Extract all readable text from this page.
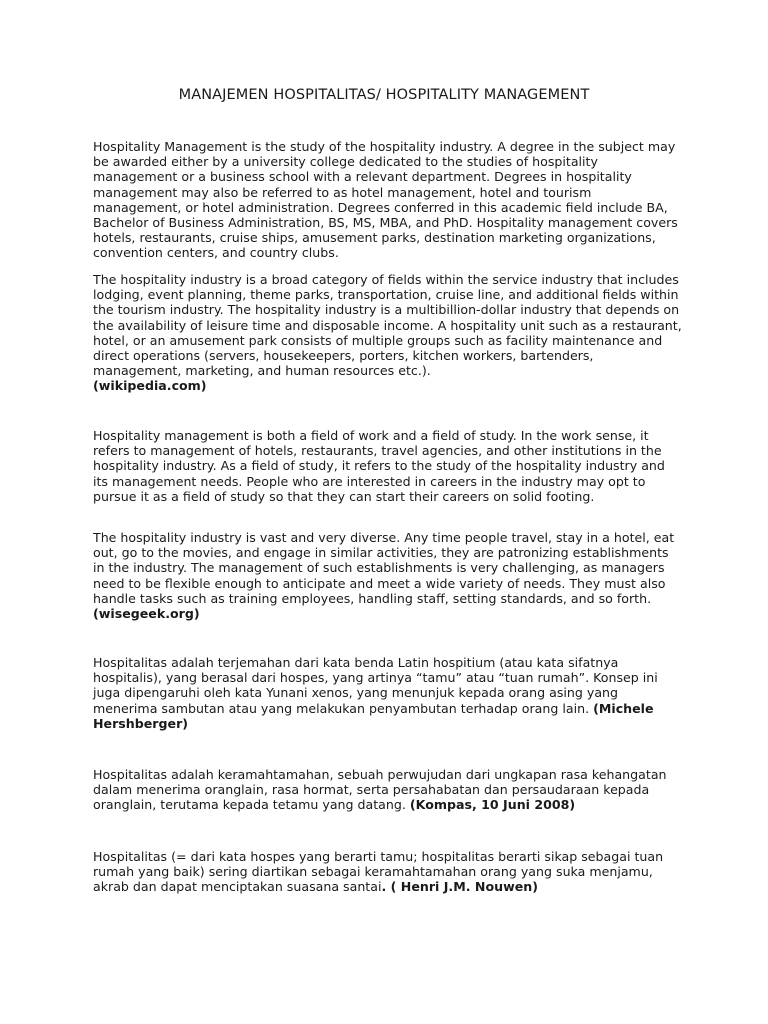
MANAJEMEN HOSPITALITAS/ HOSPITALITY MANAGEMENT

Hospitality Management is the study of the hospitality industry. A degree in the subject may be awarded either by a university college dedicated to the studies of hospitality management or a business school with a relevant department. Degrees in hospitality management may also be referred to as hotel management, hotel and tourism management, or hotel administration. Degrees conferred in this academic field include BA, Bachelor of Business Administration, BS, MS, MBA, and PhD. Hospitality management covers hotels, restaurants, cruise ships, amusement parks, destination marketing organizations, convention centers, and country clubs.

The hospitality industry is a broad category of fields within the service industry that includes lodging, event planning, theme parks, transportation, cruise line, and additional fields within the tourism industry. The hospitality industry is a multibillion-dollar industry that depends on the availability of leisure time and disposable income. A hospitality unit such as a restaurant, hotel, or an amusement park consists of multiple groups such as facility maintenance and direct operations (servers, housekeepers, porters, kitchen workers, bartenders, management, marketing, and human resources etc.).
(wikipedia.com)

Hospitality management is both a field of work and a field of study. In the work sense, it refers to management of hotels, restaurants, travel agencies, and other institutions in the hospitality industry. As a field of study, it refers to the study of the hospitality industry and its management needs. People who are interested in careers in the industry may opt to pursue it as a field of study so that they can start their careers on solid footing.

The hospitality industry is vast and very diverse. Any time people travel, stay in a hotel, eat out, go to the movies, and engage in similar activities, they are patronizing establishments in the industry. The management of such establishments is very challenging, as managers need to be flexible enough to anticipate and meet a wide variety of needs. They must also handle tasks such as training employees, handling staff, setting standards, and so forth. (wisegeek.org)

Hospitalitas adalah terjemahan dari kata benda Latin hospitium (atau kata sifatnya hospitalis), yang berasal dari hospes, yang artinya “tamu” atau “tuan rumah”. Konsep ini juga dipengaruhi oleh kata Yunani xenos, yang menunjuk kepada orang asing yang menerima sambutan atau yang melakukan penyambutan terhadap orang lain. (Michele Hershberger)

Hospitalitas adalah keramahtamahan, sebuah perwujudan dari ungkapan rasa kehangatan dalam menerima oranglain, rasa hormat, serta persahabatan dan persaudaraan kepada oranglain, terutama kepada tetamu yang datang. (Kompas, 10 Juni 2008)

Hospitalitas (= dari kata hospes yang berarti tamu; hospitalitas berarti sikap sebagai tuan rumah yang baik) sering diartikan sebagai keramahtamahan orang yang suka menjamu, akrab dan dapat menciptakan suasana santai. ( Henri J.M. Nouwen)
